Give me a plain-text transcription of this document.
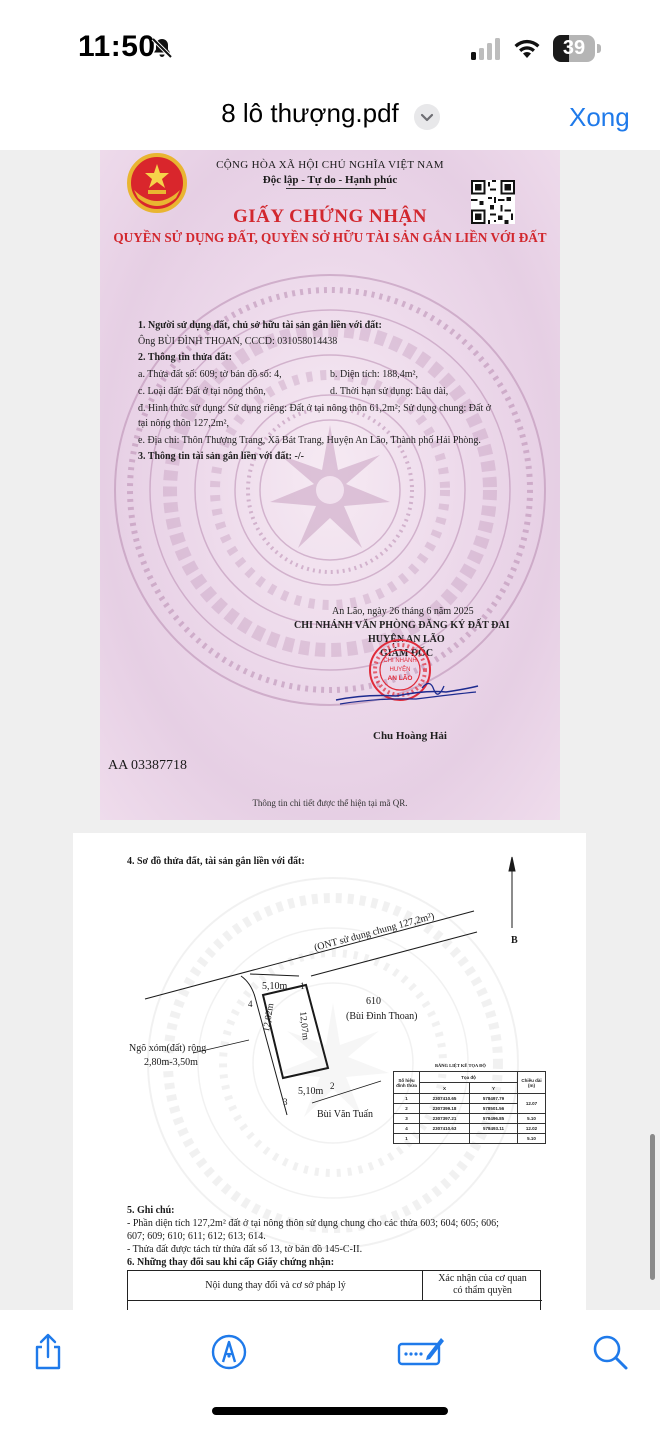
11:50	39
8 lô thượng.pdf	Xong
CỘNG HÒA XÃ HỘI CHỦ NGHĨA VIỆT NAM
Độc lập - Tự do - Hạnh phúc
GIẤY CHỨNG NHẬN
QUYỀN SỬ DỤNG ĐẤT, QUYỀN SỞ HỮU TÀI SẢN GẮN LIỀN VỚI ĐẤT
1. Người sử dụng đất, chủ sở hữu tài sản gắn liền với đất:
Ông BÙI ĐÌNH THOAN, CCCD: 031058014438
2. Thông tin thửa đất:
a. Thửa đất số: 609; tờ bản đồ số: 4,	b. Diện tích: 188,4m²,
c. Loại đất: Đất ở tại nông thôn,	d. Thời hạn sử dụng: Lâu dài,
đ. Hình thức sử dụng: Sử dụng riêng: Đất ở tại nông thôn 61,2m²; Sử dụng chung: Đất ở
tại nông thôn 127,2m²,
e. Địa chỉ: Thôn Thượng Trang, Xã Bát Trang, Huyện An Lão, Thành phố Hải Phòng.
3. Thông tin tài sản gắn liền với đất: -/-
An Lão, ngày 26 tháng 6 năm 2025
CHI NHÁNH VĂN PHÒNG ĐĂNG KÝ ĐẤT ĐAI
HUYỆN AN LÃO
GIÁM ĐỐC
CHI NHÁNH
HUYỆN
AN LÃO
Chu Hoàng Hải
AA 03387718
Thông tin chi tiết được thể hiện tại mã QR.
4. Sơ đồ thửa đất, tài sản gắn liền với đất:
B
(ONT sử dụng chung 127,2m²)
5,10m 1
4	610
(Bùi Đình Thoan)
12,07m
12,02m
Ngõ xóm(đất) rộng
2,80m-3,50m
2
5,10m
3
Bùi Văn Tuấn
BẢNG LIỆT KÊ TỌA ĐỘ
Số hiệu đỉnh thửa	Tọa độ		Chiều dài (m)
	X	Y	
1	2307410.65	578497.79	12.07
2	2307399.18	578501.56	
3	2307397.21	578496.85	5.10
4	2307410.63	578493.11	12.02
1			5.10
5. Ghi chú:
- Phần diện tích 127,2m² đất ở tại nông thôn sử dụng chung cho các thửa 603; 604; 605; 606;
607; 609; 610; 611; 612; 613; 614.
- Thửa đất được tách từ thửa đất số 13, tờ bản đồ 145-C-II.
6. Những thay đổi sau khi cấp Giấy chứng nhận:
Nội dung thay đổi và cơ sở pháp lý
Xác nhận của cơ quan
có thẩm quyền
